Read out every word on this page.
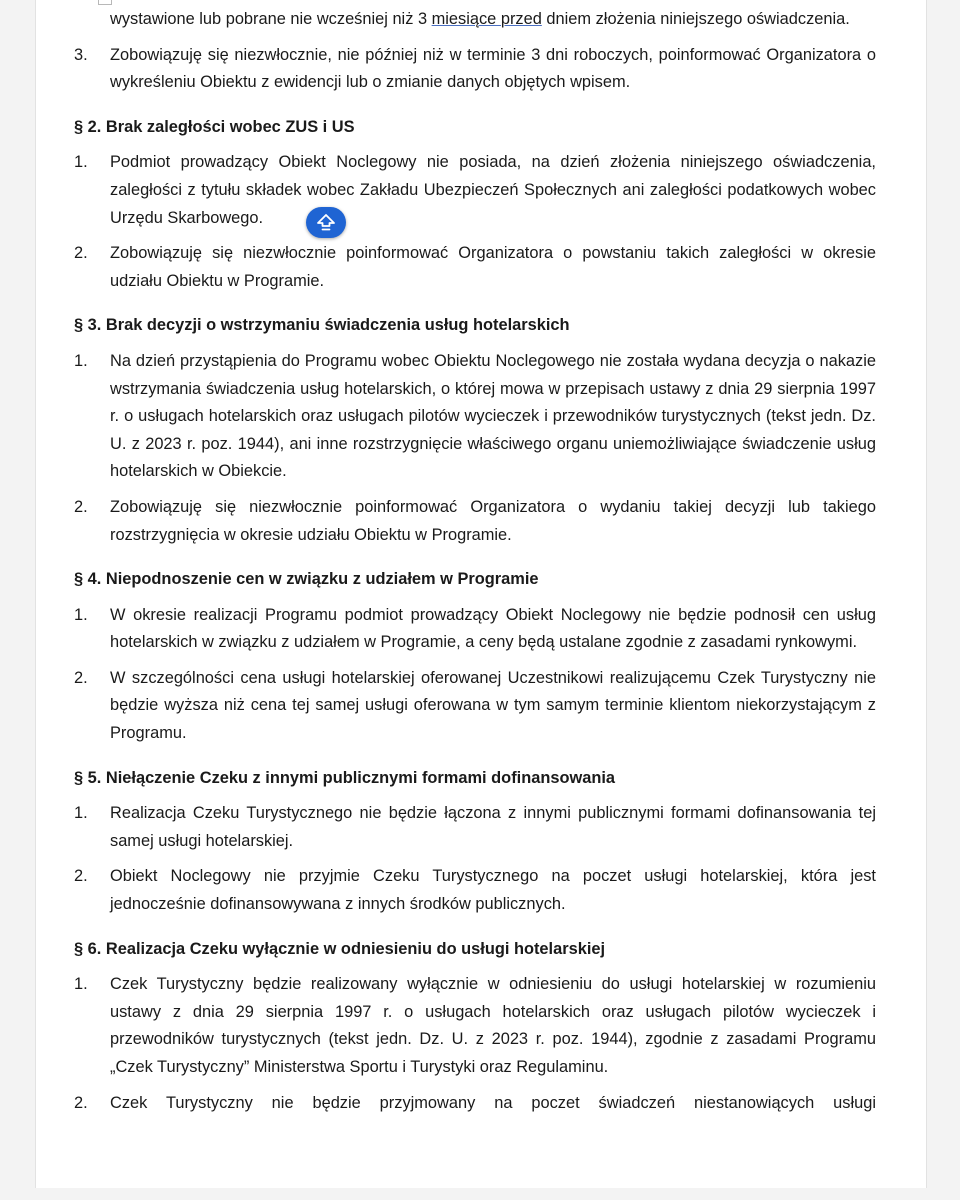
wystawione lub pobrane nie wcześniej niż 3 miesiące przed dniem złożenia niniejszego oświadczenia.
3.	Zobowiązuję się niezwłocznie, nie później niż w terminie 3 dni roboczych, poinformować Organizatora o wykreśleniu Obiektu z ewidencji lub o zmianie danych objętych wpisem.
§ 2. Brak zaległości wobec ZUS i US
1.	Podmiot prowadzący Obiekt Noclegowy nie posiada, na dzień złożenia niniejszego oświadczenia, zaległości z tytułu składek wobec Zakładu Ubezpieczeń Społecznych ani zaległości podatkowych wobec Urzędu Skarbowego.
2.	Zobowiązuję się niezwłocznie poinformować Organizatora o powstaniu takich zaległości w okresie udziału Obiektu w Programie.
§ 3. Brak decyzji o wstrzymaniu świadczenia usług hotelarskich
1.	Na dzień przystąpienia do Programu wobec Obiektu Noclegowego nie została wydana decyzja o nakazie wstrzymania świadczenia usług hotelarskich, o której mowa w przepisach ustawy z dnia 29 sierpnia 1997 r. o usługach hotelarskich oraz usługach pilotów wycieczek i przewodników turystycznych (tekst jedn. Dz. U. z 2023 r. poz. 1944), ani inne rozstrzygnięcie właściwego organu uniemożliwiające świadczenie usług hotelarskich w Obiekcie.
2.	Zobowiązuję się niezwłocznie poinformować Organizatora o wydaniu takiej decyzji lub takiego rozstrzygnięcia w okresie udziału Obiektu w Programie.
§ 4. Niepodnoszenie cen w związku z udziałem w Programie
1.	W okresie realizacji Programu podmiot prowadzący Obiekt Noclegowy nie będzie podnosił cen usług hotelarskich w związku z udziałem w Programie, a ceny będą ustalane zgodnie z zasadami rynkowymi.
2.	W szczególności cena usługi hotelarskiej oferowanej Uczestnikowi realizującemu Czek Turystyczny nie będzie wyższa niż cena tej samej usługi oferowana w tym samym terminie klientom niekorzystającym z Programu.
§ 5. Niełączenie Czeku z innymi publicznymi formami dofinansowania
1.	Realizacja Czeku Turystycznego nie będzie łączona z innymi publicznymi formami dofinansowania tej samej usługi hotelarskiej.
2.	Obiekt Noclegowy nie przyjmie Czeku Turystycznego na poczet usługi hotelarskiej, która jest jednocześnie dofinansowywana z innych środków publicznych.
§ 6. Realizacja Czeku wyłącznie w odniesieniu do usługi hotelarskiej
1.	Czek Turystyczny będzie realizowany wyłącznie w odniesieniu do usługi hotelarskiej w rozumieniu ustawy z dnia 29 sierpnia 1997 r. o usługach hotelarskich oraz usługach pilotów wycieczek i przewodników turystycznych (tekst jedn. Dz. U. z 2023 r. poz. 1944), zgodnie z zasadami Programu „Czek Turystyczny” Ministerstwa Sportu i Turystyki oraz Regulaminu.
2.	Czek Turystyczny nie będzie przyjmowany na poczet świadczeń niestanowiących usługi
